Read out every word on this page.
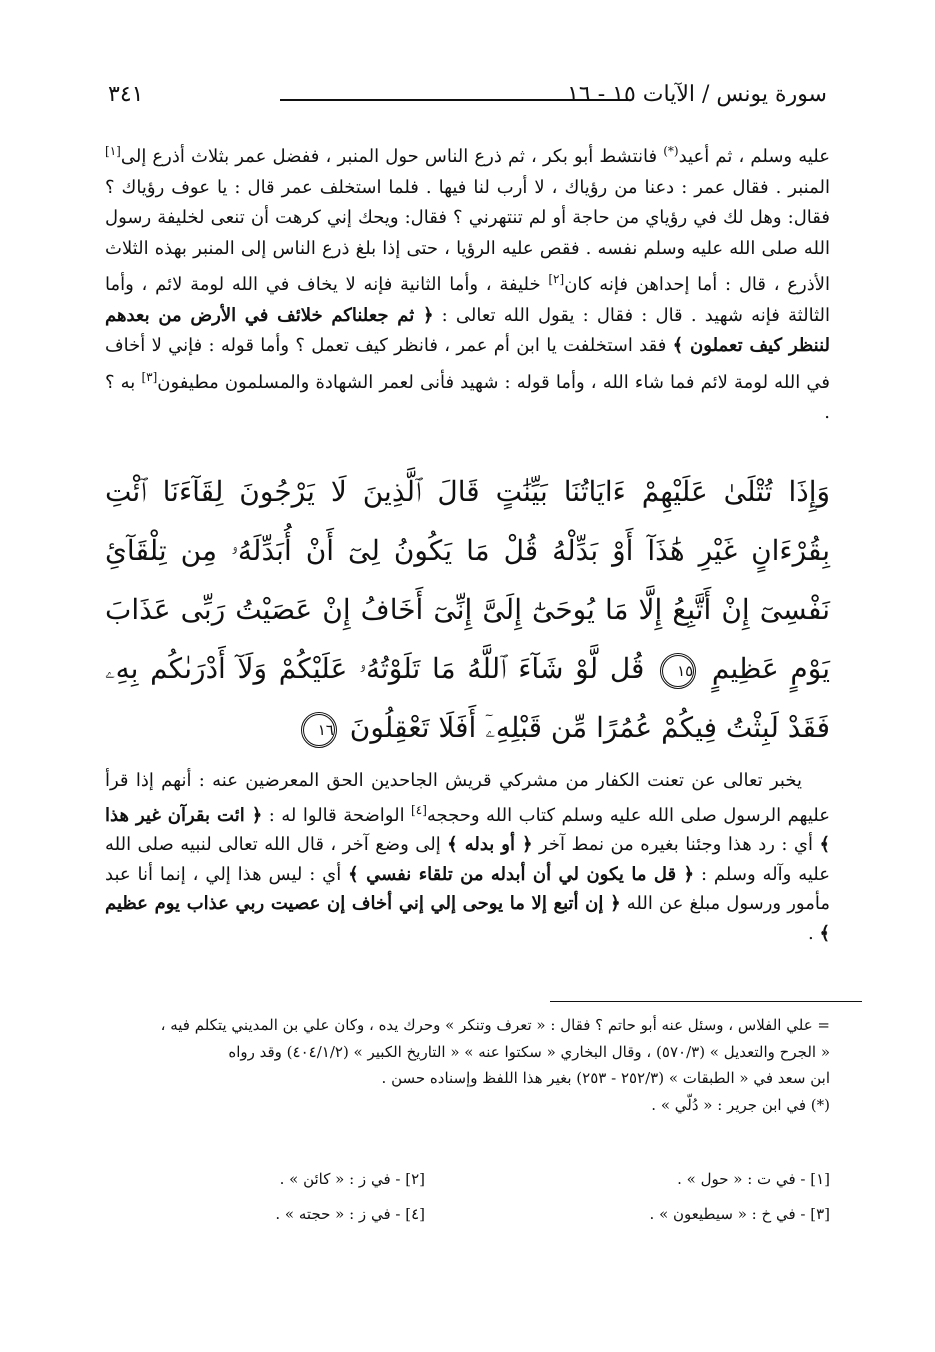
٣٤١	سورة يونس / الآيات ١٥ - ١٦

عليه وسلم ، ثم أعيد(*) فانتشط أبو بكر ، ثم ذرع الناس حول المنبر ، ففضل عمر بثلاث أذرع إلى[١] المنبر . فقال عمر : دعنا من رؤياك ، لا أرب لنا فيها . فلما استخلف عمر قال : يا عوف رؤياك ؟ فقال: وهل لك في رؤياي من حاجة أو لم تنتهرني ؟ فقال: ويحك إني كرهت أن تنعى لخليفة رسول الله صلى الله عليه وسلم نفسه . فقص عليه الرؤيا ، حتى إذا بلغ ذرع الناس إلى المنبر بهذه الثلاث الأذرع ، قال : أما إحداهن فإنه كان[٢] خليفة ، وأما الثانية فإنه لا يخاف في الله لومة لائم ، وأما الثالثة فإنه شهيد . قال : فقال : يقول الله تعالى : ﴿ ثم جعلناكم خلائف في الأرض من بعدهم لننظر كيف تعملون ﴾ فقد استخلفت يا ابن أم عمر ، فانظر كيف تعمل ؟ وأما قوله : فإني لا أخاف في الله لومة لائم فما شاء الله ، وأما قوله : شهيد فأنى لعمر الشهادة والمسلمون مطيفون[٣] به ؟ .

وَإِذَا تُتْلَىٰ عَلَيْهِمْ ءَايَاتُنَا بَيِّنَٰتٍ قَالَ ٱلَّذِينَ لَا يَرْجُونَ لِقَآءَنَا ٱئْتِ بِقُرْءَانٍ غَيْرِ هَٰذَآ أَوْ بَدِّلْهُ قُلْ مَا يَكُونُ لِىٓ أَنْ أُبَدِّلَهُۥ مِن تِلْقَآئِ نَفْسِىٓ إِنْ أَتَّبِعُ إِلَّا مَا يُوحَىٰٓ إِلَىَّ إِنِّىٓ أَخَافُ إِنْ عَصَيْتُ رَبِّى عَذَابَ يَوْمٍ عَظِيمٍ ١٥ قُل لَّوْ شَآءَ ٱللَّهُ مَا تَلَوْتُهُۥ عَلَيْكُمْ وَلَآ أَدْرَىٰكُم بِهِۦ فَقَدْ لَبِثْتُ فِيكُمْ عُمُرًا مِّن قَبْلِهِۦٓ أَفَلَا تَعْقِلُونَ ١٦

يخبر تعالى عن تعنت الكفار من مشركي قريش الجاحدين الحق المعرضين عنه : أنهم إذا قرأ عليهم الرسول صلى الله عليه وسلم كتاب الله وحججه[٤] الواضحة قالوا له : ﴿ ائت بقرآن غير هذا ﴾ أي : رد هذا وجئنا بغيره من نمط آخر ﴿ أو بدله ﴾ إلى وضع آخر ، قال الله تعالى لنبيه صلى الله عليه وآله وسلم : ﴿ قل ما يكون لي أن أبدله من تلقاء نفسي ﴾ أي : ليس هذا إلي ، إنما أنا عبد مأمور ورسول مبلغ عن الله ﴿ إن أتبع إلا ما يوحى إلي إني أخاف إن عصيت ربي عذاب يوم عظيم ﴾ .

= علي الفلاس ، وسئل عنه أبو حاتم ؟ فقال : « تعرف وتنكر » وحرك يده ، وكان علي بن المديني يتكلم فيه ،

« الجرح والتعديل » (٥٧٠/٣) ، وقال البخاري « سكتوا عنه » « التاريخ الكبير » (٤٠٤/١/٢) وقد رواه

ابن سعد في « الطبقات » (٢٥٢/٣ - ٢٥٣) بغير هذا اللفظ وإسناده حسن .

(*) في ابن جرير : « دُلّي » .

[١] - في ت : « حول » .
[٢] - في ز : « كائن » .
[٣] - في خ : « سيطيعون » .
[٤] - في ز : « حجته » .
